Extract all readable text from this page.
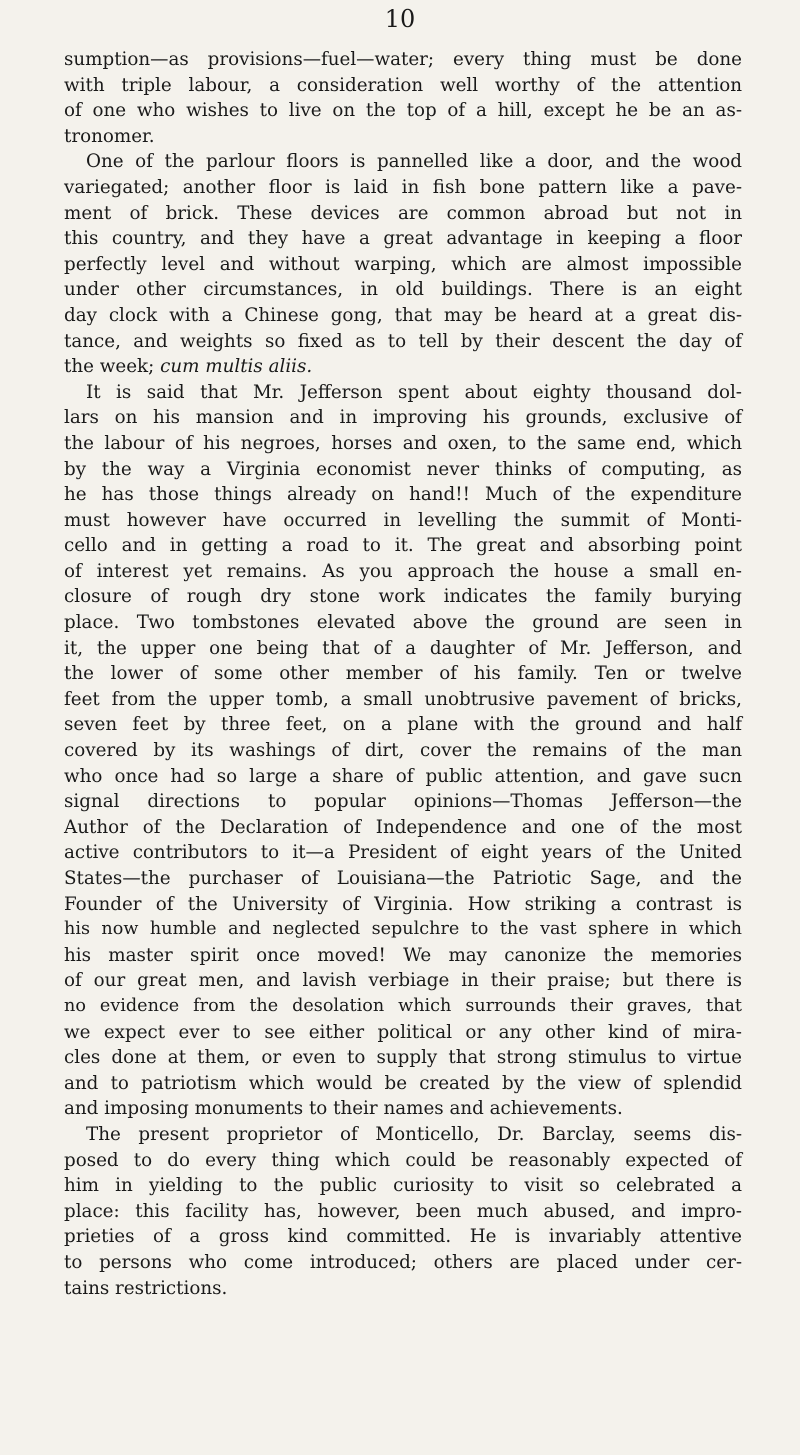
10
sumption—as provisions—fuel—water; every thing must be done
with triple labour, a consideration well worthy of the attention
of one who wishes to live on the top of a hill, except he be an as-
tronomer.
One of the parlour floors is pannelled like a door, and the wood
variegated; another floor is laid in fish bone pattern like a pave-
ment of brick. These devices are common abroad but not in
this country, and they have a great advantage in keeping a floor
perfectly level and without warping, which are almost impossible
under other circumstances, in old buildings. There is an eight
day clock with a Chinese gong, that may be heard at a great dis-
tance, and weights so fixed as to tell by their descent the day of
the week; cum multis aliis.
It is said that Mr. Jefferson spent about eighty thousand dol-
lars on his mansion and in improving his grounds, exclusive of
the labour of his negroes, horses and oxen, to the same end, which
by the way a Virginia economist never thinks of computing, as
he has those things already on hand!! Much of the expenditure
must however have occurred in levelling the summit of Monti-
cello and in getting a road to it. The great and absorbing point
of interest yet remains. As you approach the house a small en-
closure of rough dry stone work indicates the family burying
place. Two tombstones elevated above the ground are seen in
it, the upper one being that of a daughter of Mr. Jefferson, and
the lower of some other member of his family. Ten or twelve
feet from the upper tomb, a small unobtrusive pavement of bricks,
seven feet by three feet, on a plane with the ground and half
covered by its washings of dirt, cover the remains of the man
who once had so large a share of public attention, and gave sucn
signal directions to popular opinions—Thomas Jefferson—the
Author of the Declaration of Independence and one of the most
active contributors to it—a President of eight years of the United
States—the purchaser of Louisiana—the Patriotic Sage, and the
Founder of the University of Virginia. How striking a contrast is
his now humble and neglected sepulchre to the vast sphere in which
his master spirit once moved! We may canonize the memories
of our great men, and lavish verbiage in their praise; but there is
no evidence from the desolation which surrounds their graves, that
we expect ever to see either political or any other kind of mira-
cles done at them, or even to supply that strong stimulus to virtue
and to patriotism which would be created by the view of splendid
and imposing monuments to their names and achievements.
The present proprietor of Monticello, Dr. Barclay, seems dis-
posed to do every thing which could be reasonably expected of
him in yielding to the public curiosity to visit so celebrated a
place: this facility has, however, been much abused, and impro-
prieties of a gross kind committed. He is invariably attentive
to persons who come introduced; others are placed under cer-
tains restrictions.
